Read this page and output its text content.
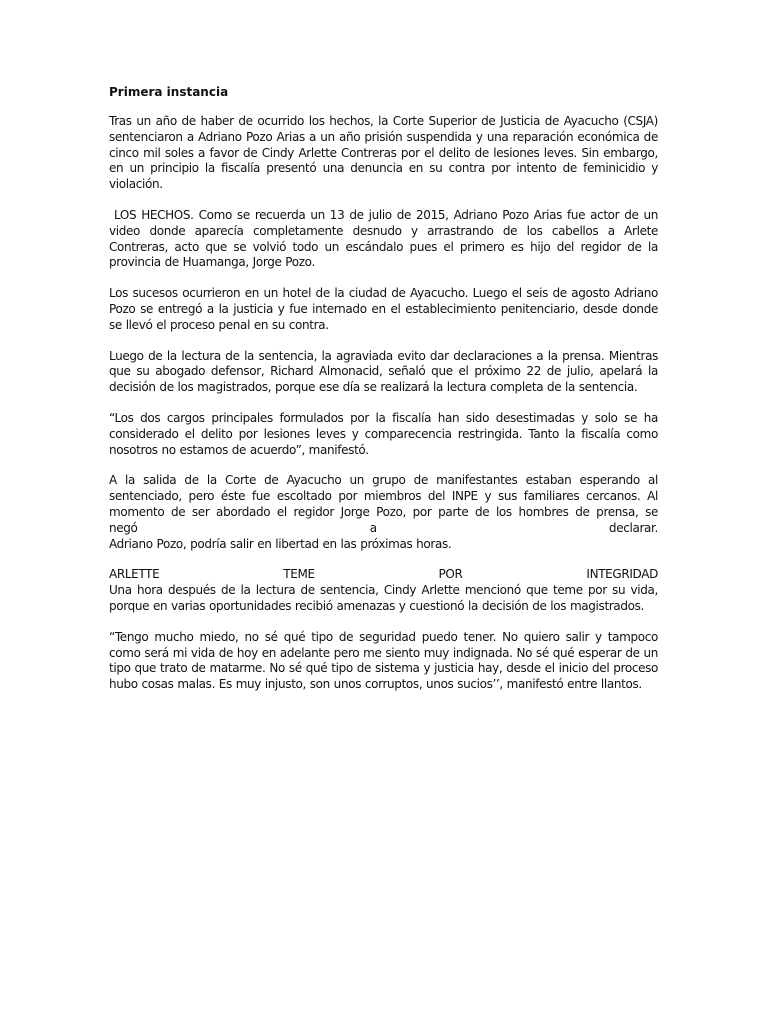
Primera instancia

Tras un año de haber de ocurrido los hechos, la Corte Superior de Justicia de Ayacucho (CSJA) sentenciaron a Adriano Pozo Arias a un año prisión suspendida y una reparación económica de cinco mil soles a favor de Cindy Arlette Contreras por el delito de lesiones leves. Sin embargo, en un principio la fiscalía presentó una denuncia en su contra por intento de feminicidio y violación.

LOS HECHOS. Como se recuerda un 13 de julio de 2015, Adriano Pozo Arias fue actor de un video donde aparecía completamente desnudo y arrastrando de los cabellos a Arlete Contreras, acto que se volvió todo un escándalo pues el primero es hijo del regidor de la provincia de Huamanga, Jorge Pozo.

Los sucesos ocurrieron en un hotel de la ciudad de Ayacucho. Luego el seis de agosto Adriano Pozo se entregó a la justicia y fue internado en el establecimiento penitenciario, desde donde se llevó el proceso penal en su contra.

Luego de la lectura de la sentencia, la agraviada evito dar declaraciones a la prensa. Mientras que su abogado defensor, Richard Almonacid, señaló que el próximo 22 de julio, apelará la decisión de los magistrados, porque ese día se realizará la lectura completa de la sentencia.

“Los dos cargos principales formulados por la fiscalía han sido desestimadas y solo se ha considerado el delito por lesiones leves y comparecencia restringida. Tanto la fiscalía como nosotros no estamos de acuerdo”, manifestó.

A la salida de la Corte de Ayacucho un grupo de manifestantes estaban esperando al sentenciado, pero éste fue escoltado por miembros del INPE y sus familiares cercanos. Al momento de ser abordado el regidor Jorge Pozo, por parte de los hombres de prensa, se
negó	a	declarar.
Adriano Pozo, podría salir en libertad en las próximas horas.
ARLETTE	TEME	POR	INTEGRIDAD
Una hora después de la lectura de sentencia, Cindy Arlette mencionó que teme por su vida, porque en varias oportunidades recibió amenazas y cuestionó la decisión de los magistrados.

“Tengo mucho miedo, no sé qué tipo de seguridad puedo tener. No quiero salir y tampoco como será mi vida de hoy en adelante pero me siento muy indignada. No sé qué esperar de un tipo que trato de matarme. No sé qué tipo de sistema y justicia hay, desde el inicio del proceso hubo cosas malas. Es muy injusto, son unos corruptos, unos sucios’’, manifestó entre llantos.
